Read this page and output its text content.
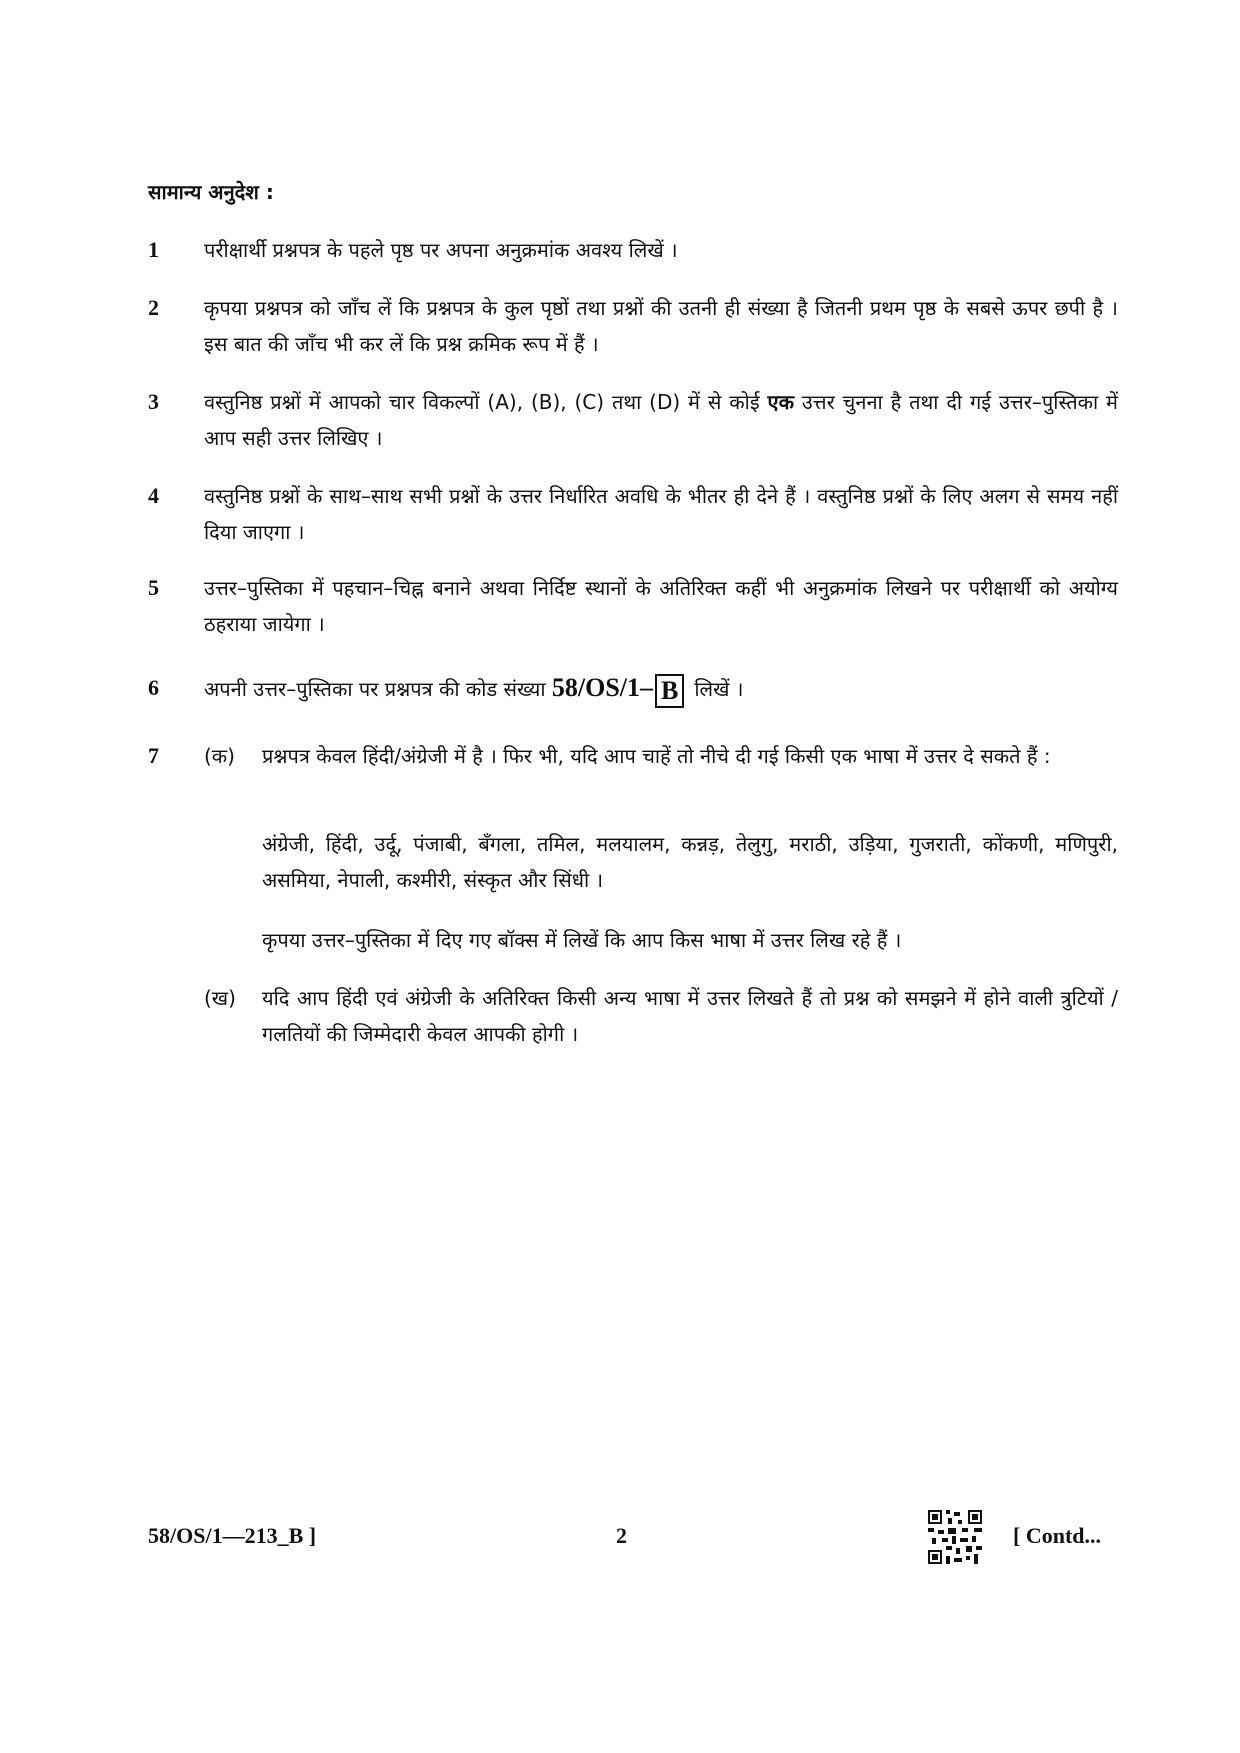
सामान्य अनुदेश :
1 परीक्षार्थी प्रश्नपत्र के पहले पृष्ठ पर अपना अनुक्रमांक अवश्य लिखें ।
2 कृपया प्रश्नपत्र को जाँच लें कि प्रश्नपत्र के कुल पृष्ठों तथा प्रश्नों की उतनी ही संख्या है जितनी प्रथम पृष्ठ के सबसे ऊपर छपी है । इस बात की जाँच भी कर लें कि प्रश्न क्रमिक रूप में हैं ।
3 वस्तुनिष्ठ प्रश्नों में आपको चार विकल्पों (A), (B), (C) तथा (D) में से कोई एक उत्तर चुनना है तथा दी गई उत्तर–पुस्तिका में आप सही उत्तर लिखिए ।
4 वस्तुनिष्ठ प्रश्नों के साथ–साथ सभी प्रश्नों के उत्तर निर्धारित अवधि के भीतर ही देने हैं । वस्तुनिष्ठ प्रश्नों के लिए अलग से समय नहीं दिया जाएगा ।
5 उत्तर–पुस्तिका में पहचान–चिह्न बनाने अथवा निर्दिष्ट स्थानों के अतिरिक्त कहीं भी अनुक्रमांक लिखने पर परीक्षार्थी को अयोग्य ठहराया जायेगा ।
6 अपनी उत्तर–पुस्तिका पर प्रश्नपत्र की कोड संख्या 58/OS/1– B लिखें ।
7 (क) प्रश्नपत्र केवल हिंदी/अंग्रेजी में है । फिर भी, यदि आप चाहें तो नीचे दी गई किसी एक भाषा में उत्तर दे सकते हैं :
अंग्रेजी, हिंदी, उर्दू, पंजाबी, बँगला, तमिल, मलयालम, कन्नड़, तेलुगु, मराठी, उड़िया, गुजराती, कोंकणी, मणिपुरी, असमिया, नेपाली, कश्मीरी, संस्कृत और सिंधी ।
कृपया उत्तर–पुस्तिका में दिए गए बॉक्स में लिखें कि आप किस भाषा में उत्तर लिख रहे हैं ।
(ख) यदि आप हिंदी एवं अंग्रेजी के अतिरिक्त किसी अन्य भाषा में उत्तर लिखते हैं तो प्रश्न को समझने में होने वाली त्रुटियों / गलतियों की जिम्मेदारी केवल आपकी होगी ।
58/OS/1—213_B ]	2	[ Contd...
